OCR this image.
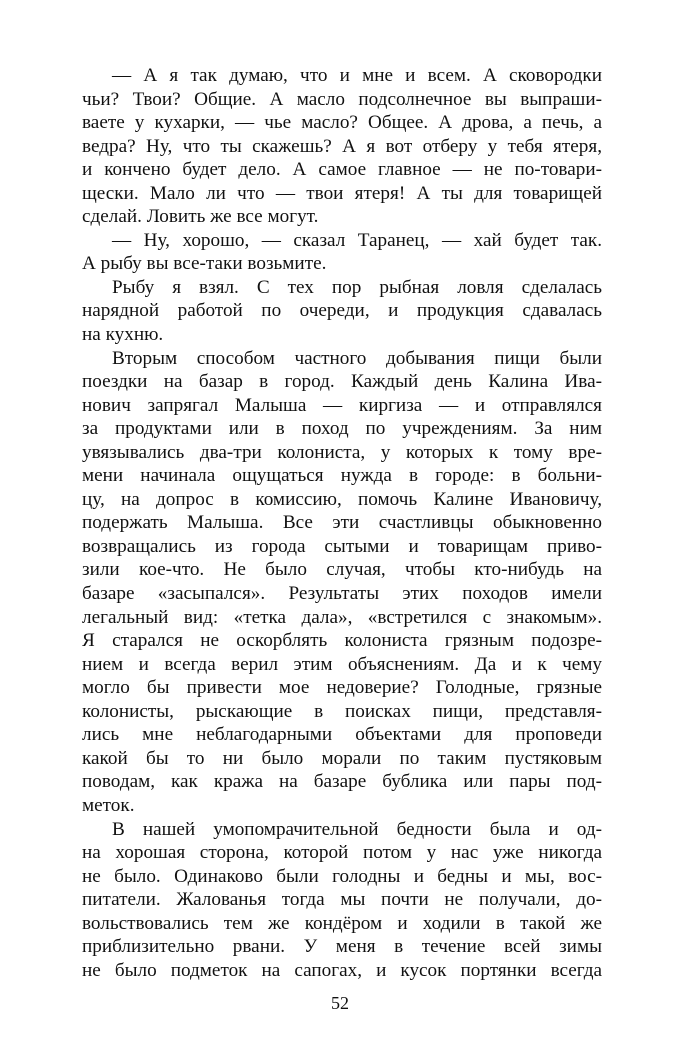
— А я так думаю, что и мне и всем. А сковородки
чьи? Твои? Общие. А масло подсолнечное вы выпраши-
ваете у кухарки, — чье масло? Общее. А дрова, а печь, а
ведра? Ну, что ты скажешь? А я вот отберу у тебя ятеря,
и кончено будет дело. А самое главное — не по-товари-
щески. Мало ли что — твои ятеря! А ты для товарищей
сделай. Ловить же все могут.
— Ну, хорошо, — сказал Таранец, — хай будет так.
А рыбу вы все-таки возьмите.
Рыбу я взял. С тех пор рыбная ловля сделалась
нарядной работой по очереди, и продукция сдавалась
на кухню.
Вторым способом частного добывания пищи были
поездки на базар в город. Каждый день Калина Ива-
нович запрягал Малыша — киргиза — и отправлялся
за продуктами или в поход по учреждениям. За ним
увязывались два-три колониста, у которых к тому вре-
мени начинала ощущаться нужда в городе: в больни-
цу, на допрос в комиссию, помочь Калине Ивановичу,
подержать Малыша. Все эти счастливцы обыкновенно
возвращались из города сытыми и товарищам приво-
зили кое-что. Не было случая, чтобы кто-нибудь на
базаре «засыпался». Результаты этих походов имели
легальный вид: «тетка дала», «встретился с знакомым».
Я старался не оскорблять колониста грязным подозре-
нием и всегда верил этим объяснениям. Да и к чему
могло бы привести мое недоверие? Голодные, грязные
колонисты, рыскающие в поисках пищи, представля-
лись мне неблагодарными объектами для проповеди
какой бы то ни было морали по таким пустяковым
поводам, как кража на базаре бублика или пары под-
меток.
В нашей умопомрачительной бедности была и од-
на хорошая сторона, которой потом у нас уже никогда
не было. Одинаково были голодны и бедны и мы, вос-
питатели. Жалованья тогда мы почти не получали, до-
вольствовались тем же кондёром и ходили в такой же
приблизительно рвани. У меня в течение всей зимы
не было подметок на сапогах, и кусок портянки всегда
52
